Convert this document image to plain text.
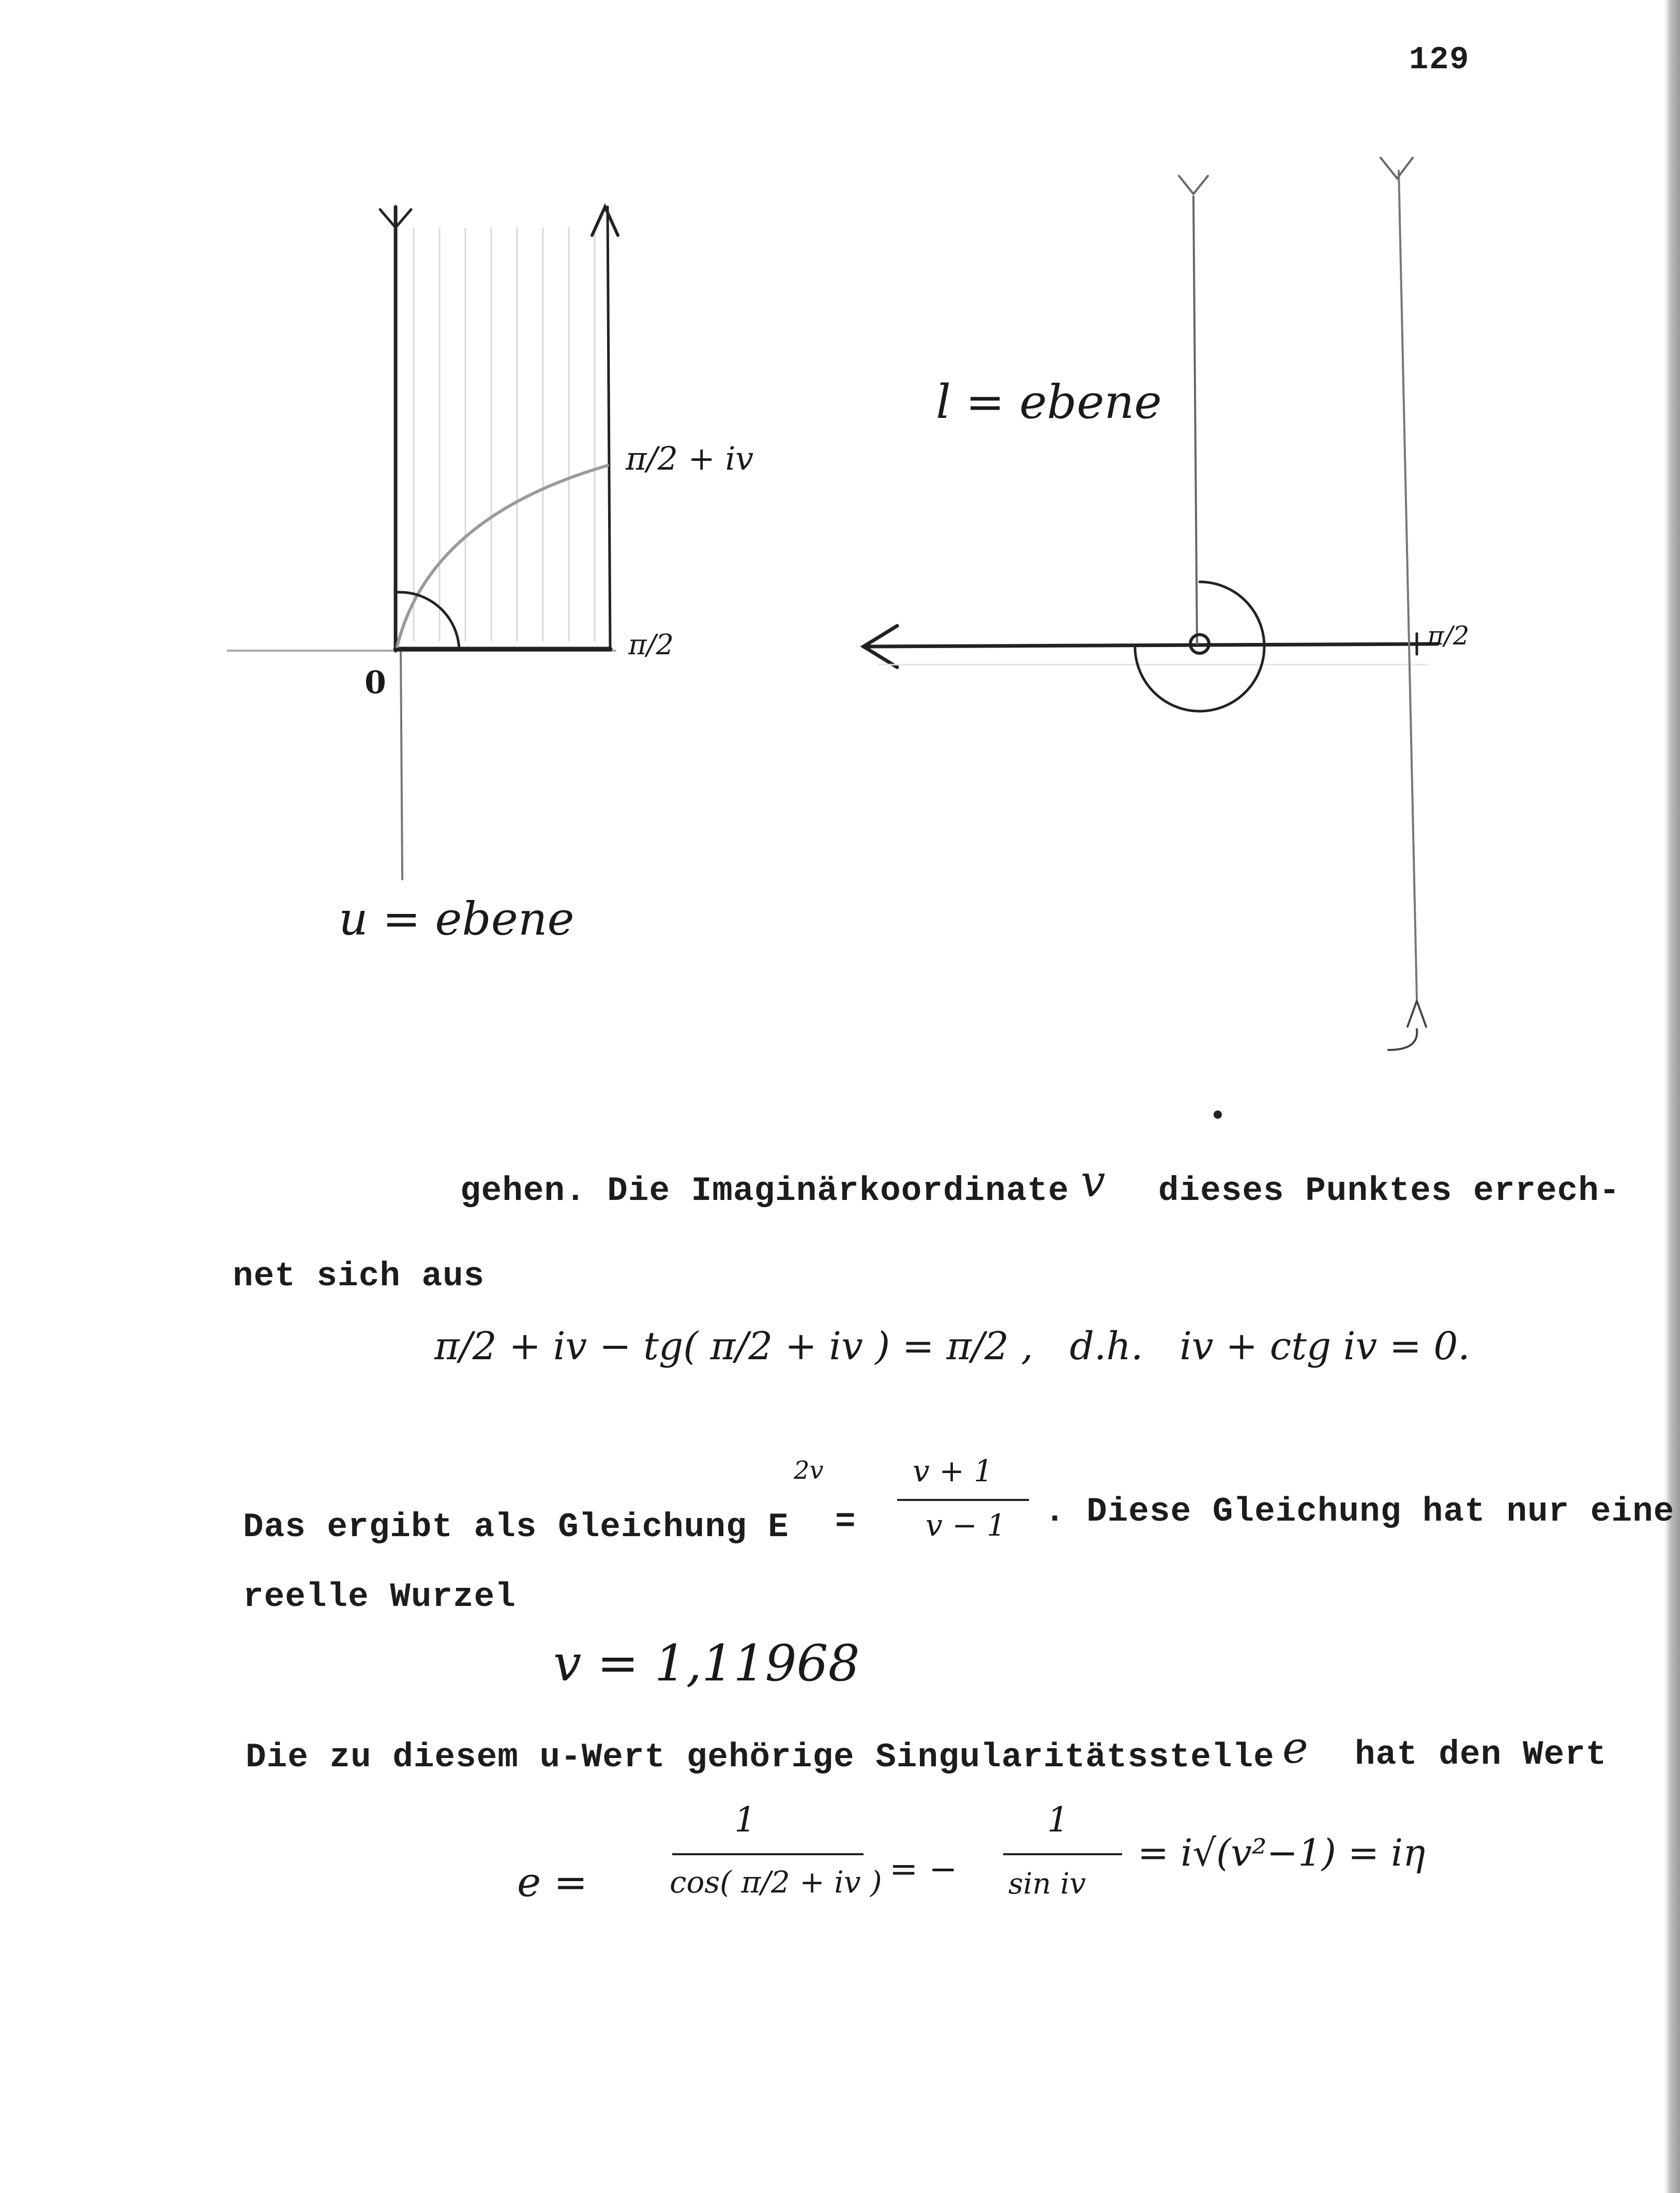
129
0
π/2
π/2 + iv
u = ebene
l = ebene
π/2
gehen. Die Imaginärkoordinate v dieses Punktes errech-
net sich aus
π/2 + iv − tg( π/2 + iv ) = π/2 ,   d.h.   iv + ctg iv = 0.
Das ergibt als Gleichung E
2v
=
v + 1
v − 1 . Diese Gleichung hat nur eine
reelle Wurzel
v = 1,11968
Die zu diesem u-Wert gehörige Singularitätsstelle e hat den Wert
e =
1
cos( π/2 + iv ) = −
1
sin iv
= i√(v²−1) = iη
